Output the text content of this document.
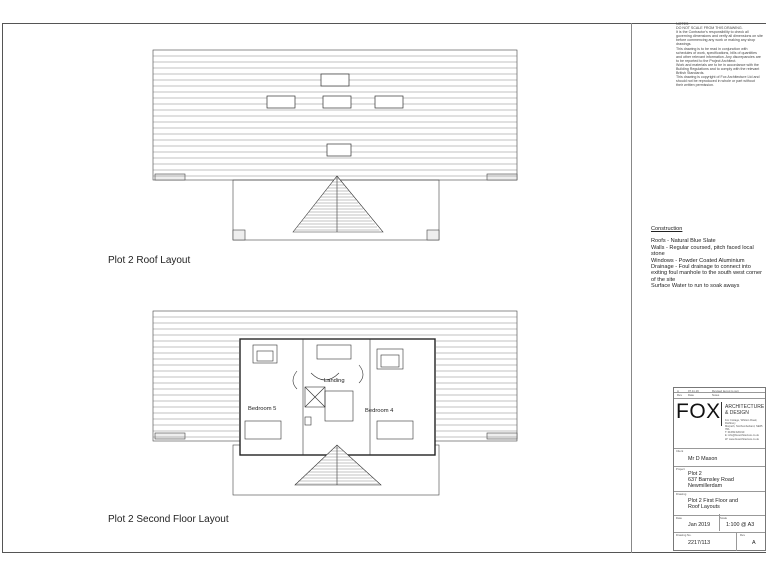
Plot 2 Roof Layout
Landing
Bedroom 5	Bedroom 4
Plot 2 Second Floor Layout

NOTES

DO NOT SCALE FROM THIS DRAWING.

It is the Contractor's responsibility to check all

governing dimensions and verify all dimensions on site

before commencing any work or making any shop

drawings.

This drawing is to be read in conjunction with

schedules of work, specifications, bills of quantities

and other relevant information. Any discrepancies are

to be reported to the Project Architect.

Work and materials are to be in accordance with the

Building Regulations and to comply with the relevant

British Standards.

This drawing is copyright of Fox Architecture Ltd and

should not be reproduced in whole or part without

their written permission.

Construction

Roofs - Natural Blue Slate

Walls - Regular coursed, pitch faced local

stone

Windows - Powder Coated Aluminium

Drainage - Foul drainage to connect into

exiting foul manhole to the south west corner

of the site

Surface Water to run to soak aways

A	07.11.19	Revised layout to suit
Rev Date	Notes
Client
Mr D Mason
Project
Plot 2
637 Barnsley Road
Newmillerdam
Drawing
Plot 2 First Floor and
Roof Layouts
Date
Jan 2019
Scale
1:100 @ A3
Drawing No.
2217/113
Rev
A
FOX ARCHITECTURE
& DESIGN
Fox Cottage, Whitton Road, Rothbury
Morpeth, Northumberland, NE65 7RL
T: 01669 620310
E: info@foxarchitecture.co.uk
W: www.foxarchitecture.co.uk
